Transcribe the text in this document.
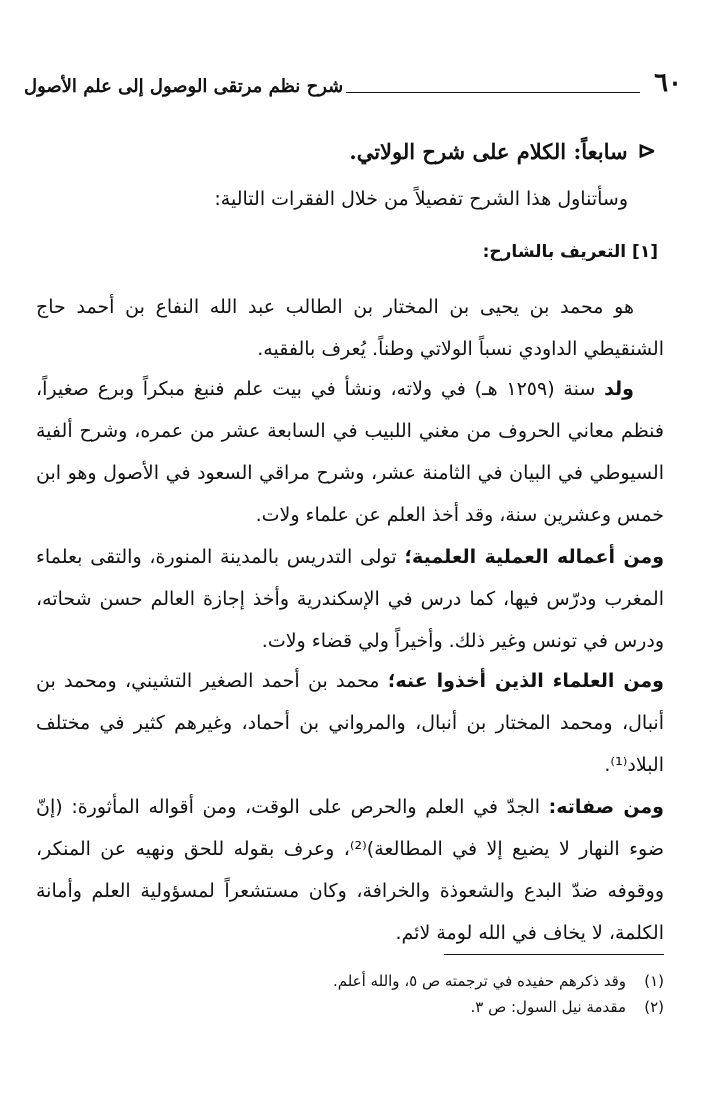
٦٠
شرح نظم مرتقى الوصول إلى علم الأصول
⊲
سابعاً: الكلام على شرح الولاتي.
وسأتناول هذا الشرح تفصيلاً من خلال الفقرات التالية:
[١] التعريف بالشارح:

هو محمد بن يحيى بن المختار بن الطالب عبد الله النفاع بن أحمد حاج الشنقيطي الداودي نسباً الولاتي وطناً. يُعرف بالفقيه.

ولد سنة (١٢٥٩ هـ) في ولاته، ونشأ في بيت علم فنبغ مبكراً وبرع صغيراً، فنظم معاني الحروف من مغني اللبيب في السابعة عشر من عمره، وشرح ألفية السيوطي في البيان في الثامنة عشر، وشرح مراقي السعود في الأصول وهو ابن خمس وعشرين سنة، وقد أخذ العلم عن علماء ولات.

ومن أعماله العملية العلمية؛ تولى التدريس بالمدينة المنورة، والتقى بعلماء المغرب ودرّس فيها، كما درس في الإسكندرية وأخذ إجازة العالم حسن شحاته، ودرس في تونس وغير ذلك. وأخيراً ولي قضاء ولات.

ومن العلماء الذين أخذوا عنه؛ محمد بن أحمد الصغير التشيني، ومحمد بن أنبال، ومحمد المختار بن أنبال، والمرواني بن أحماد، وغيرهم كثير في مختلف البلاد⁽¹⁾.

ومن صفاته: الجدّ في العلم والحرص على الوقت، ومن أقواله المأثورة: (إنّ ضوء النهار لا يضيع إلا في المطالعة)⁽²⁾، وعرف بقوله للحق ونهيه عن المنكر، ووقوفه ضدّ البدع والشعوذة والخرافة، وكان مستشعراً لمسؤولية العلم وأمانة الكلمة، لا يخاف في الله لومة لائم.

(١)
وقد ذكرهم حفيده في ترجمته ص ٥، والله أعلم.
(٢)
مقدمة نيل السول: ص ٣.
